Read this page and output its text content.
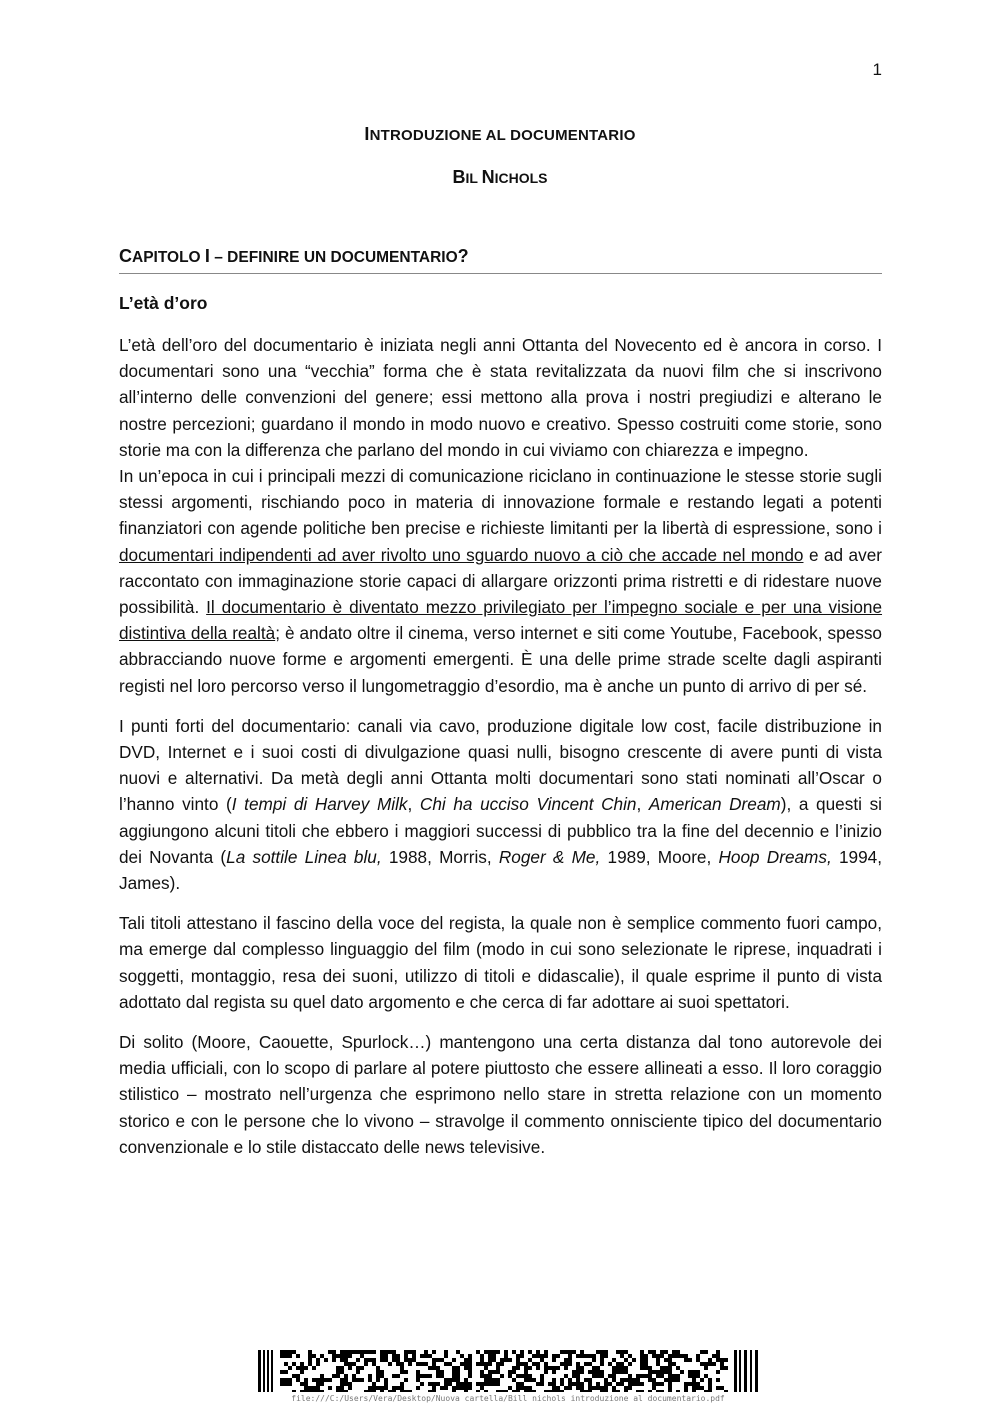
1
INTRODUZIONE AL DOCUMENTARIO
BIL NICHOLS
CAPITOLO I – DEFINIRE UN DOCUMENTARIO?
L’età d’oro

L’età dell’oro del documentario è iniziata negli anni Ottanta del Novecento ed è ancora in corso. I documentari sono una “vecchia” forma che è stata revitalizzata da nuovi film che si inscrivono all’interno delle convenzioni del genere; essi mettono alla prova i nostri pregiudizi e alterano le nostre percezioni; guardano il mondo in modo nuovo e creativo. Spesso costruiti come storie, sono storie ma con la differenza che parlano del mondo in cui viviamo con chiarezza e impegno.

In un’epoca in cui i principali mezzi di comunicazione riciclano in continuazione le stesse storie sugli stessi argomenti, rischiando poco in materia di innovazione formale e restando legati a potenti finanziatori con agende politiche ben precise e richieste limitanti per la libertà di espressione, sono i documentari indipendenti ad aver rivolto uno sguardo nuovo a ciò che accade nel mondo e ad aver raccontato con immaginazione storie capaci di allargare orizzonti prima ristretti e di ridestare nuove possibilità. Il documentario è diventato mezzo privilegiato per l’impegno sociale e per una visione distintiva della realtà; è andato oltre il cinema, verso internet e siti come Youtube, Facebook, spesso abbracciando nuove forme e argomenti emergenti. È una delle prime strade scelte dagli aspiranti registi nel loro percorso verso il lungometraggio d’esordio, ma è anche un punto di arrivo di per sé.

I punti forti del documentario: canali via cavo, produzione digitale low cost, facile distribuzione in DVD, Internet e i suoi costi di divulgazione quasi nulli, bisogno crescente di avere punti di vista nuovi e alternativi. Da metà degli anni Ottanta molti documentari sono stati nominati all’Oscar o l’hanno vinto (I tempi di Harvey Milk, Chi ha ucciso Vincent Chin, American Dream), a questi si aggiungono alcuni titoli che ebbero i maggiori successi di pubblico tra la fine del decennio e l’inizio dei Novanta (La sottile Linea blu, 1988, Morris, Roger & Me, 1989, Moore, Hoop Dreams, 1994, James).

Tali titoli attestano il fascino della voce del regista, la quale non è semplice commento fuori campo, ma emerge dal complesso linguaggio del film (modo in cui sono selezionate le riprese, inquadrati i soggetti, montaggio, resa dei suoni, utilizzo di titoli e didascalie), il quale esprime il punto di vista adottato dal regista su quel dato argomento e che cerca di far adottare ai suoi spettatori.

Di solito (Moore, Caouette, Spurlock…) mantengono una certa distanza dal tono autorevole dei media ufficiali, con lo scopo di parlare al potere piuttosto che essere allineati a esso. Il loro coraggio stilistico – mostrato nell’urgenza che esprimono nello stare in stretta relazione con un momento storico e con le persone che lo vivono – stravolge il commento onnisciente tipico del documentario convenzionale e lo stile distaccato delle news televisive.

file:///C:/Users/Vera/Desktop/Nuova cartella/Bill nichols introduzione al documentario.pdf
